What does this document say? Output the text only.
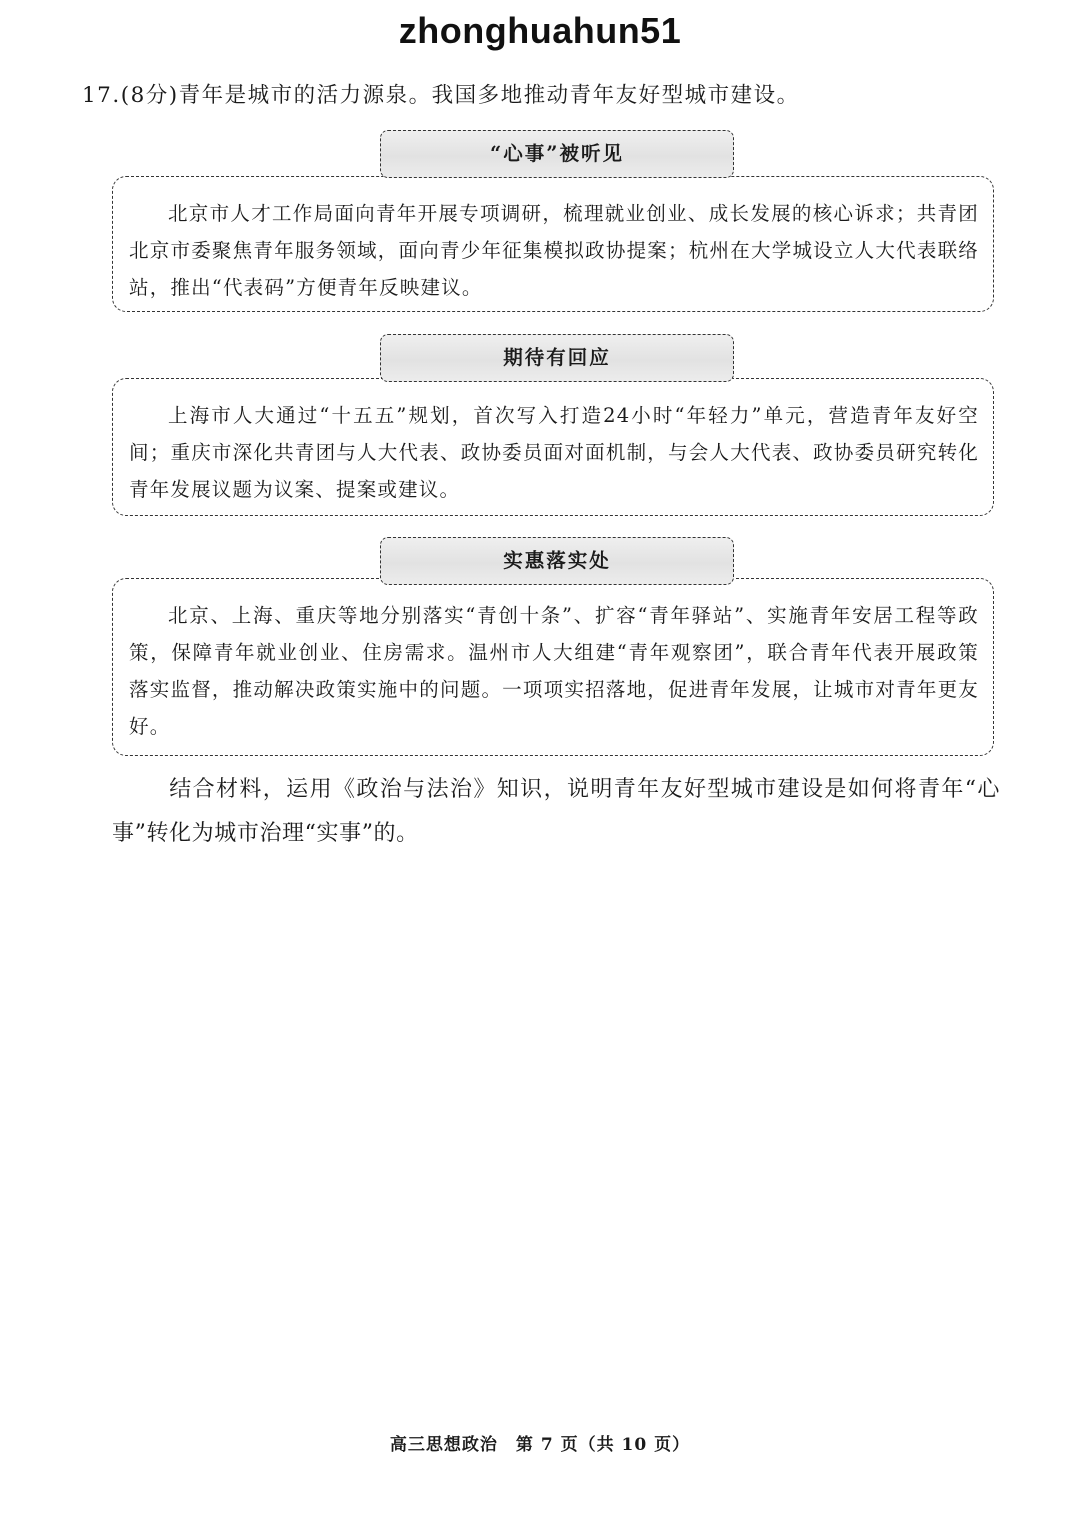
zhonghuahun51
17.(8分)青年是城市的活力源泉。我国多地推动青年友好型城市建设。
北京市人才工作局面向青年开展专项调研，梳理就业创业、成长发展的核心诉求；共青团北京市委聚焦青年服务领域，面向青少年征集模拟政协提案；杭州在大学城设立人大代表联络站，推出“代表码”方便青年反映建议。
“心事”被听见
上海市人大通过“十五五”规划，首次写入打造24小时“年轻力”单元，营造青年友好空间；重庆市深化共青团与人大代表、政协委员面对面机制，与会人大代表、政协委员研究转化青年发展议题为议案、提案或建议。
期待有回应
北京、上海、重庆等地分别落实“青创十条”、扩容“青年驿站”、实施青年安居工程等政策，保障青年就业创业、住房需求。温州市人大组建“青年观察团”，联合青年代表开展政策落实监督，推动解决政策实施中的问题。一项项实招落地，促进青年发展，让城市对青年更友好。
实惠落实处
结合材料，运用《政治与法治》知识，说明青年友好型城市建设是如何将青年“心事”转化为城市治理“实事”的。
高三思想政治　第 7 页（共 10 页）
